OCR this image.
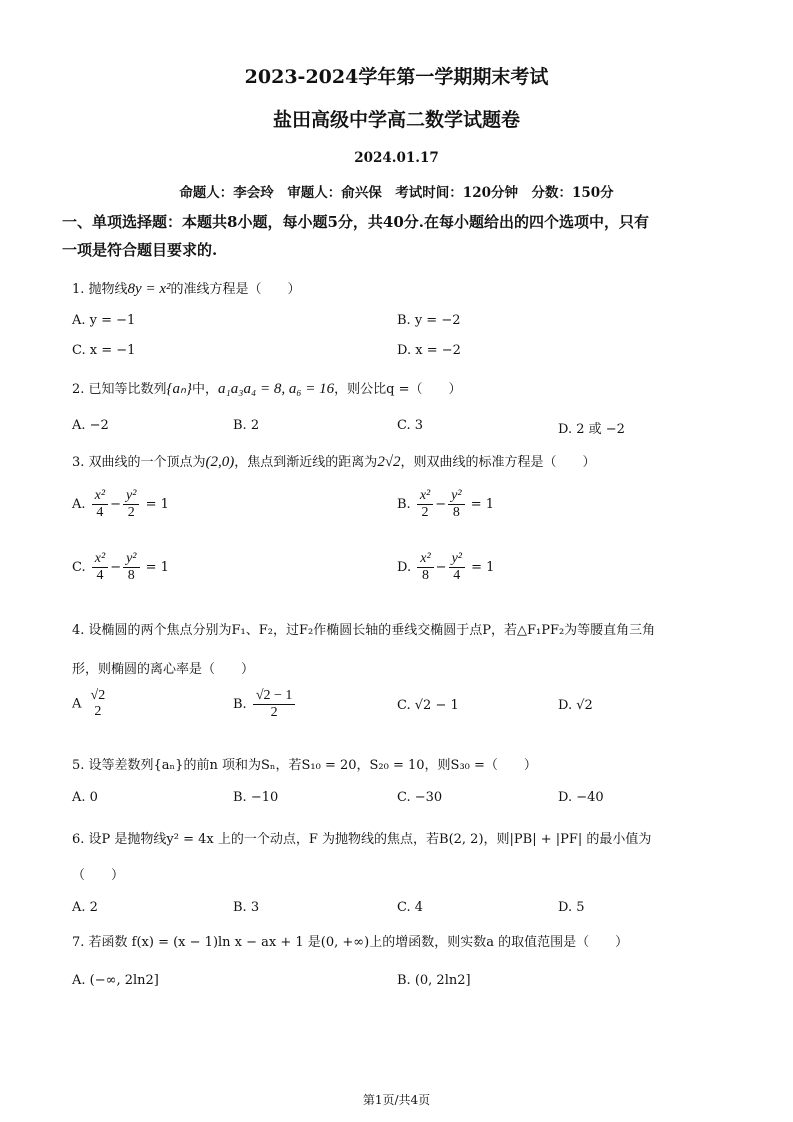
2023-2024学年第一学期期末考试
盐田高级中学高二数学试题卷
2024.01.17
命题人：李会玲　审题人：俞兴保　考试时间：120分钟　分数：150分
一、单项选择题：本题共8小题，每小题5分，共40分.在每小题给出的四个选项中，只有
一项是符合题目要求的.
1. 抛物线8y = x²的准线方程是（　　）
A. y = −1	B. y = −2
C. x = −1	D. x = −2
2. 已知等比数列{aₙ}中，a₁a₃a₄ = 8, a₆ = 16，则公比q =（　　）
A. −2	B. 2	C. 3	D. 2 或 −2
3. 双曲线的一个顶点为(2,0)，焦点到渐近线的距离为2√2，则双曲线的标准方程是（　　）
A. $\frac{\text{x²}}{4} - \frac{\text{y²}}{2} = 1$	B. $\frac{\text{x²}}{2} - \frac{\text{y²}}{8} = 1$
C. $\frac{\text{x²}}{4} - \frac{\text{y²}}{8} = 1$	D. $\frac{\text{x²}}{8} - \frac{\text{y²}}{4} = 1$
4. 设椭圆的两个焦点分别为F₁、F₂，过F₂作椭圆长轴的垂线交椭圆于点P，若△F₁PF₂为等腰直角三角
形，则椭圆的离心率是（　　）
A
√2
2	B. $\frac{√2 - 1}{2}$	C. √2 − 1	D. √2
5. 设等差数列{aₙ}的前n 项和为Sₙ，若S₁₀ = 20，S₂₀ = 10，则S₃₀ =（　　）
A. 0	B. −10	C. −30	D. −40
6. 设P 是抛物线y² = 4x 上的一个动点，F 为抛物线的焦点，若B(2, 2)，则|PB| + |PF| 的最小值为
（　　）
A. 2	B. 3	C. 4	D. 5
7. 若函数 f(x) = (x − 1)ln x − ax + 1 是(0, +∞)上的增函数，则实数a 的取值范围是（　　）
A. (−∞, 2ln2]	B. (0, 2ln2]
第1页/共4页
